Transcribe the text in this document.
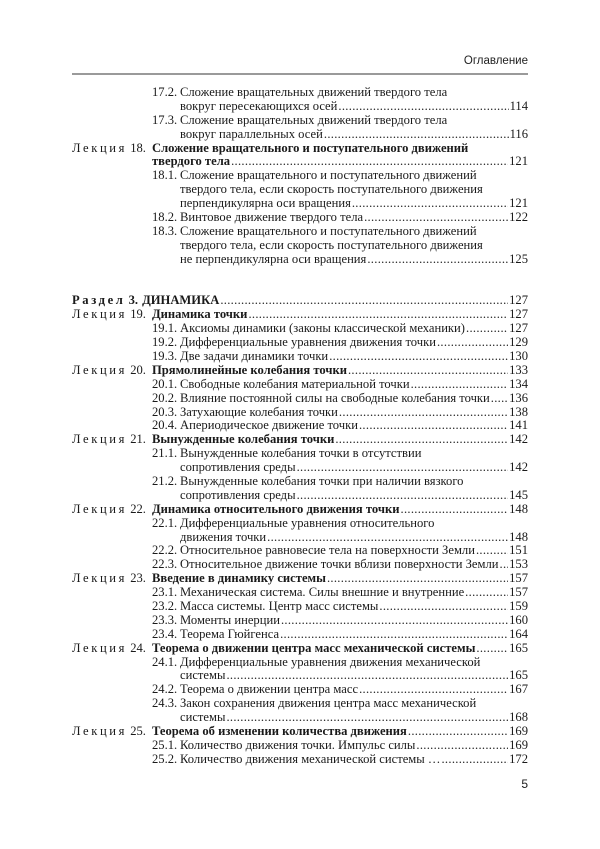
Оглавление
17.2. Сложение вращательных движений твердого тела
вокруг пересекающихся осей .....	114
17.3. Сложение вращательных движений твердого тела
вокруг параллельных осей .....	116
Лекция 18. Сложение вращательного и поступательного движений
твердого тела .....	121
18.1. Сложение вращательного и поступательного движений
твердого тела, если скорость поступательного движения
перпендикулярна оси вращения .....	121
18.2. Винтовое движение твердого тела .....	122
18.3. Сложение вращательного и поступательного движений
твердого тела, если скорость поступательного движения
не перпендикулярна оси вращения .....	125
Раздел 3. ДИНАМИКА .....	127
Лекция 19. Динамика точки .....	127
19.1. Аксиомы динамики (законы классической механики) .....	127
19.2. Дифференциальные уравнения движения точки .....	129
19.3. Две задачи динамики точки .....	130
Лекция 20. Прямолинейные колебания точки .....	133
20.1. Свободные колебания материальной точки .....	134
20.2. Влияние постоянной силы на свободные колебания точки ..... 136
20.3. Затухающие колебания точки .....	138
20.4. Апериодическое движение точки .....	141
Лекция 21. Вынужденные колебания точки .....	142
21.1. Вынужденные колебания точки в отсутствии
сопротивления среды .....	142
21.2. Вынужденные колебания точки при наличии вязкого
сопротивления среды .....	145
Лекция 22. Динамика относительного движения точки .....	148
22.1. Дифференциальные уравнения относительного
движения точки .....	148
22.2. Относительное равновесие тела на поверхности Земли .....	151
22.3. Относительное движение точки вблизи поверхности Земли ..... 153
Лекция 23. Введение в динамику системы .....	157
23.1. Механическая система. Силы внешние и внутренние .....	157
23.2. Масса системы. Центр масс системы .....	159
23.3. Моменты инерции .....	160
23.4. Теорема Гюйгенса .....	164
Лекция 24. Теорема о движении центра масс механической системы .....	165
24.1. Дифференциальные уравнения движения механической
системы .....	165
24.2. Теорема о движении центра масс .....	167
24.3. Закон сохранения движения центра масс механической
системы .....	168
Лекция 25. Теорема об изменении количества движения .....	169
25.1. Количество движения точки. Импульс силы .....	169
25.2. Количество движения механической системы … .....	172
5
